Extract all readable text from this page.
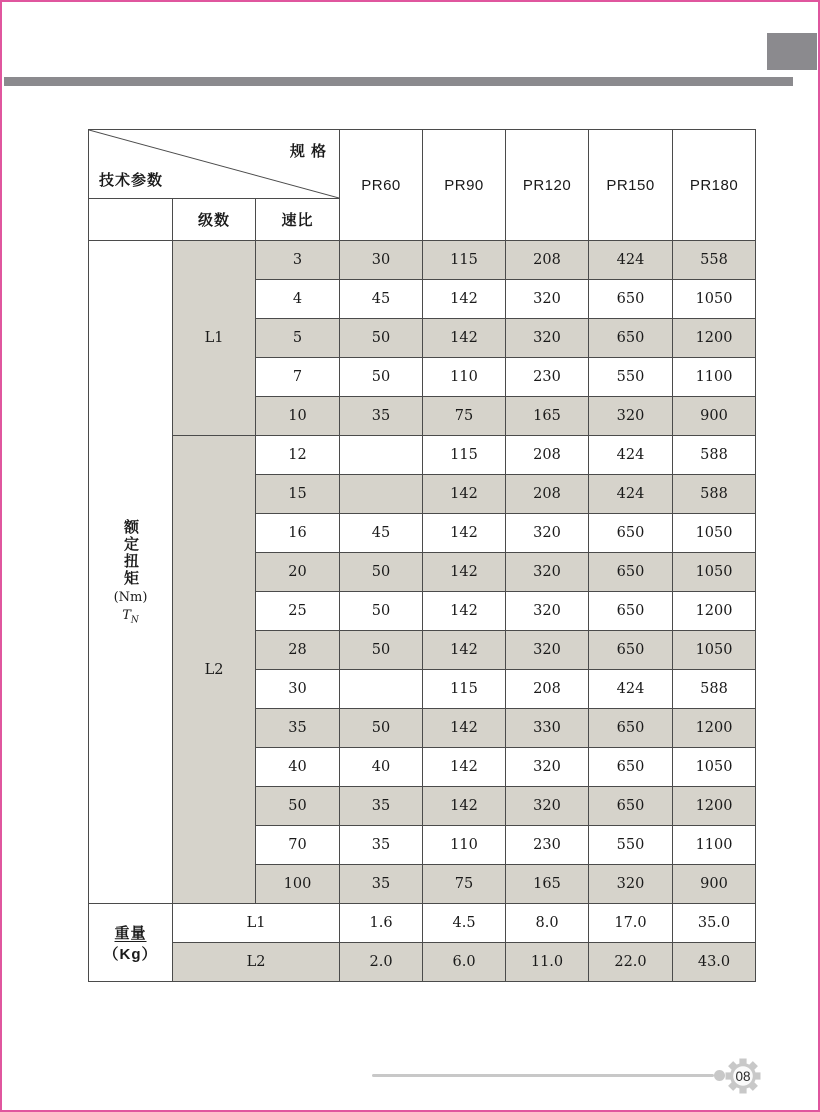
技术参数
规 格			PR60	PR90	PR120	PR150	PR180
	级数	速比					

额定扭矩
(Nm)
$T_N$	L1	3	30	115	208	424	558
		4	45	142	320	650	1050
		5	50	142	320	650	1200
		7	50	110	230	550	1100
		10	35	75	165	320	900
	L2	12		115	208	424	588
		15		142	208	424	588
		16	45	142	320	650	1050
		20	50	142	320	650	1050
		25	50	142	320	650	1200
		28	50	142	320	650	1050
		30		115	208	424	588
		35	50	142	330	650	1200
		40	40	142	320	650	1050
		50	35	142	320	650	1200
		70	35	110	230	550	1100
		100	35	75	165	320	900
重量（Kg）	L1		1.6	4.5	8.0	17.0	35.0
	L2		2.0	6.0	11.0	22.0	43.0
08
